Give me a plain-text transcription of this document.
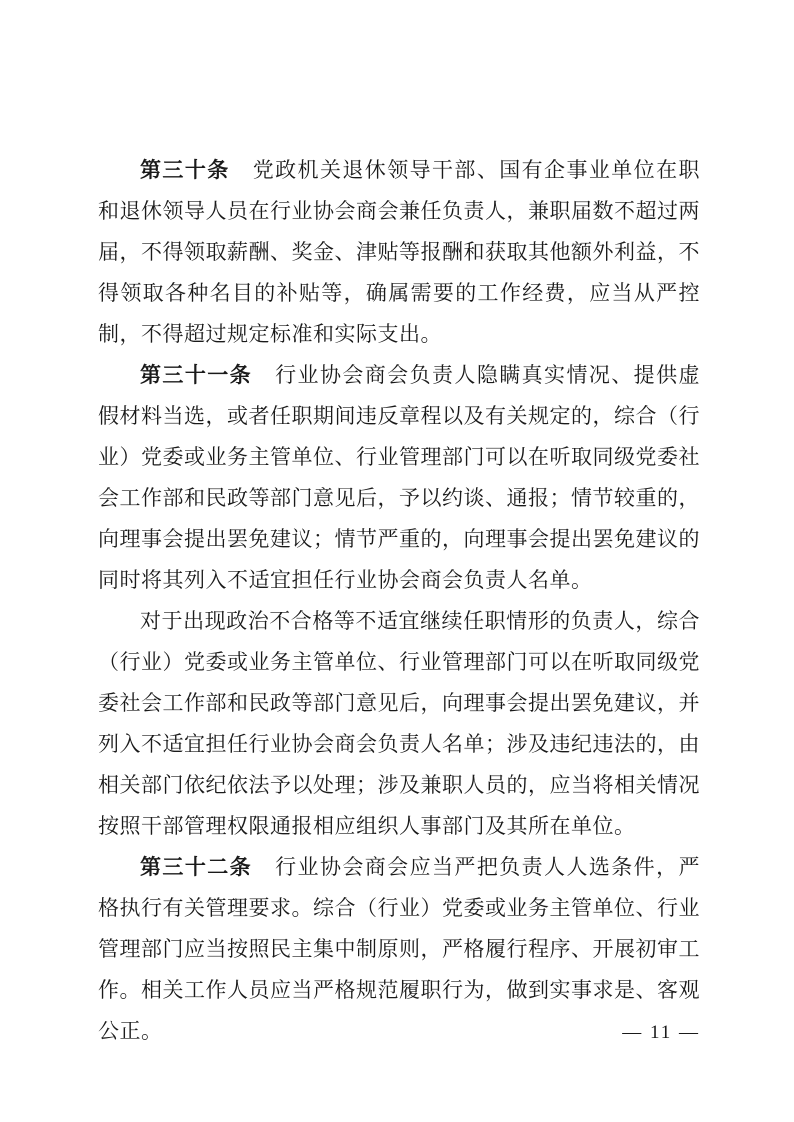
第三十条 党政机关退休领导干部、国有企事业单位在职和退休领导人员在行业协会商会兼任负责人，兼职届数不超过两届，不得领取薪酬、奖金、津贴等报酬和获取其他额外利益，不得领取各种名目的补贴等，确属需要的工作经费，应当从严控制，不得超过规定标准和实际支出。

第三十一条 行业协会商会负责人隐瞒真实情况、提供虚假材料当选，或者任职期间违反章程以及有关规定的，综合（行业）党委或业务主管单位、行业管理部门可以在听取同级党委社会工作部和民政等部门意见后，予以约谈、通报；情节较重的，向理事会提出罢免建议；情节严重的，向理事会提出罢免建议的同时将其列入不适宜担任行业协会商会负责人名单。

对于出现政治不合格等不适宜继续任职情形的负责人，综合（行业）党委或业务主管单位、行业管理部门可以在听取同级党委社会工作部和民政等部门意见后，向理事会提出罢免建议，并列入不适宜担任行业协会商会负责人名单；涉及违纪违法的，由相关部门依纪依法予以处理；涉及兼职人员的，应当将相关情况按照干部管理权限通报相应组织人事部门及其所在单位。

第三十二条 行业协会商会应当严把负责人人选条件，严格执行有关管理要求。综合（行业）党委或业务主管单位、行业管理部门应当按照民主集中制原则，严格履行程序、开展初审工作。相关工作人员应当严格规范履职行为，做到实事求是、客观公正。	— 11 —
